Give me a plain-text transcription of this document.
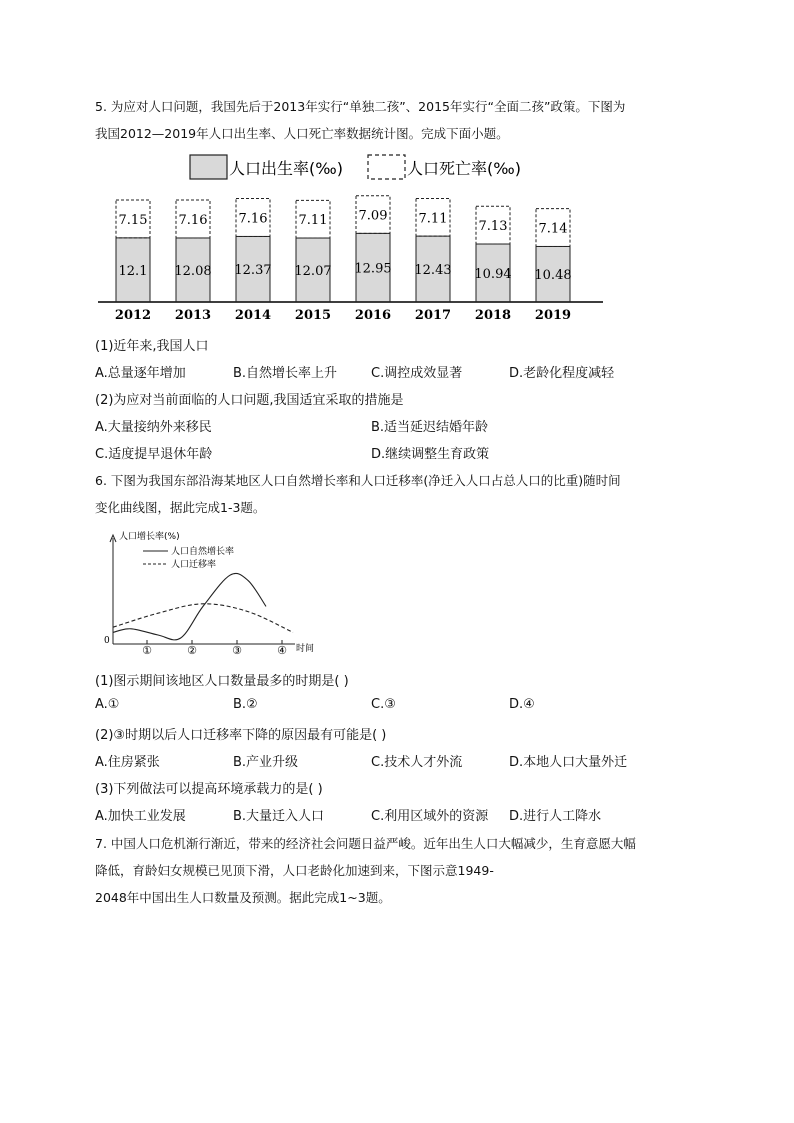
5. 为应对人口问题，我国先后于2013年实行“单独二孩”、2015年实行“全面二孩”政策。下图为
我国2012—2019年人口出生率、人口死亡率数据统计图。完成下面小题。
人口出生率(‰)	人口死亡率(‰)
12.1
7.15
12.08
7.16
12.37
7.16
12.07
7.11
12.95
7.09
12.43
7.11
10.94
7.13
10.48
7.14
2012 2013 2014 2015 2016 2017 2018 2019
(1)近年来,我国人口
A.总量逐年增加	B.自然增长率上升	C.调控成效显著	D.老龄化程度减轻
(2)为应对当前面临的人口问题,我国适宜采取的措施是
A.大量接纳外来移民	B.适当延迟结婚年龄
C.适度提早退休年龄	D.继续调整生育政策
6. 下图为我国东部沿海某地区人口自然增长率和人口迁移率(净迁入人口占总人口的比重)随时间
变化曲线图，据此完成1-3题。
人口增长率(%)
0
时间
人口自然增长率
人口迁移率
①	②	③	④
(1)图示期间该地区人口数量最多的时期是( )
A.①	B.②	C.③	D.④
(2)③时期以后人口迁移率下降的原因最有可能是( )
A.住房紧张	B.产业升级	C.技术人才外流	D.本地人口大量外迁
(3)下列做法可以提高环境承载力的是( )
A.加快工业发展	B.大量迁入人口	C.利用区域外的资源 D.进行人工降水
7. 中国人口危机渐行渐近，带来的经济社会问题日益严峻。近年出生人口大幅减少，生育意愿大幅
降低，育龄妇女规模已见顶下滑，人口老龄化加速到来，下图示意1949-
2048年中国出生人口数量及预测。据此完成1~3题。
